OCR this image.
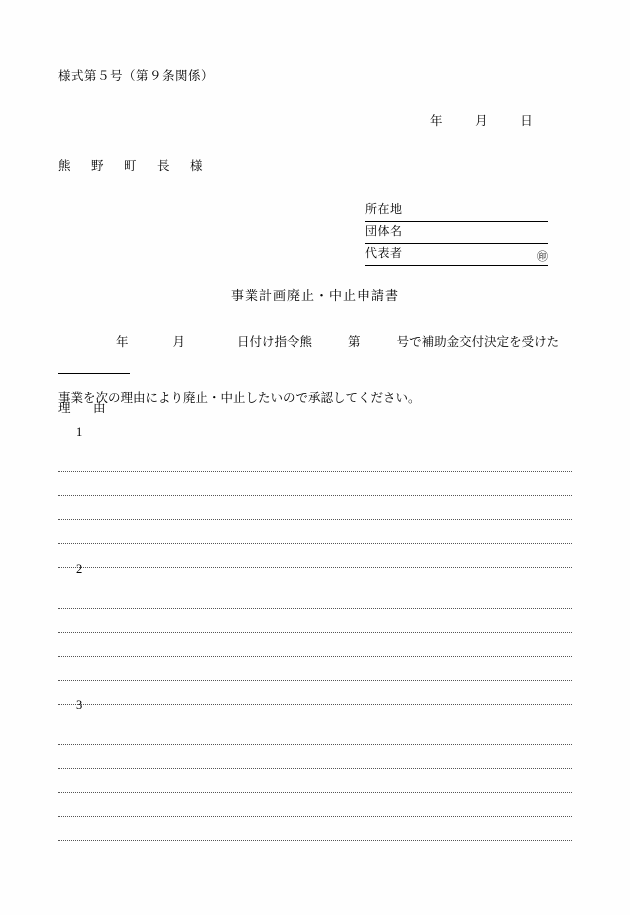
様式第５号（第９条関係）
年	月	日
熊　野　町　長　様
所在地
団体名
代表者	㊞
事業計画廃止・中止申請書
年	月	日付け指令熊	第	号で補助金交付決定を受けた
事業を次の理由により廃止・中止したいので承認してください。
理　由
1
2
3
